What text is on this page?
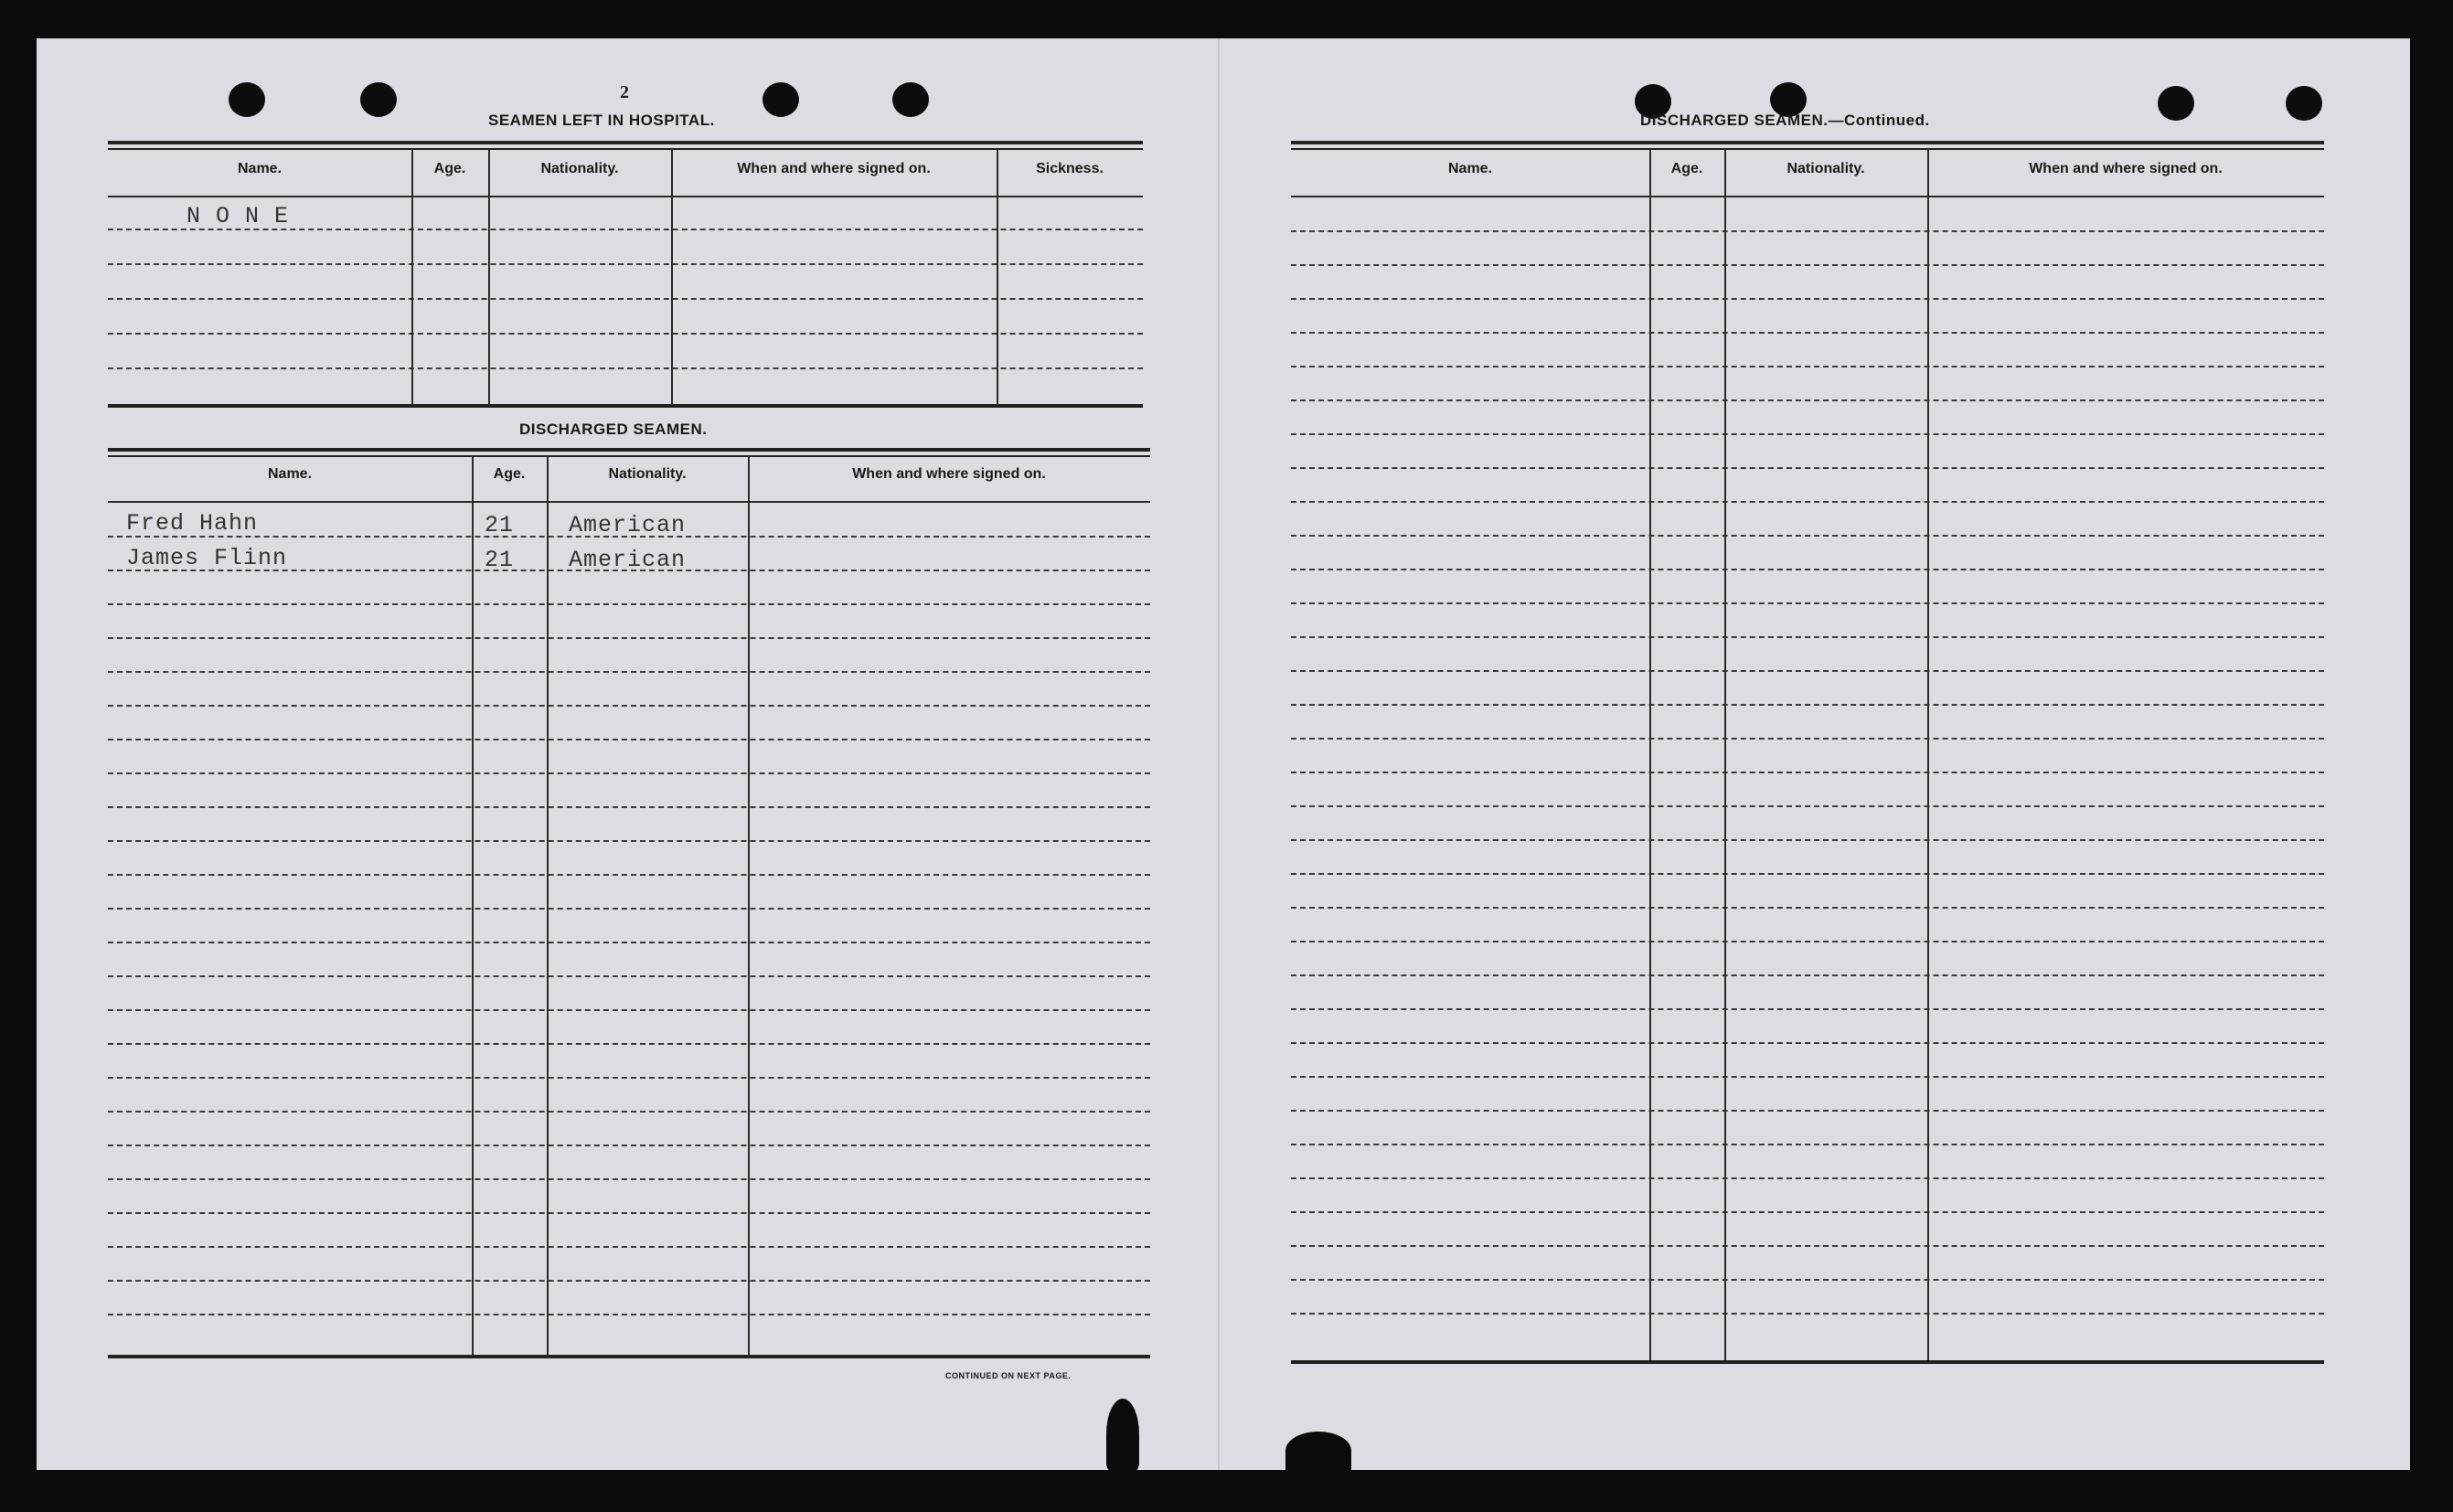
2
SEAMEN LEFT IN HOSPITAL.
Name.	Age.	Nationality.	When and where signed on.	Sickness.
N O N E
DISCHARGED SEAMEN.
Name.	Age.	Nationality.	When and where signed on.
Fred Hahn	21 American
James Flinn	21 American
CONTINUED ON NEXT PAGE.
DISCHARGED SEAMEN.—Continued.
Name.	Age.	Nationality.	When and where signed on.
